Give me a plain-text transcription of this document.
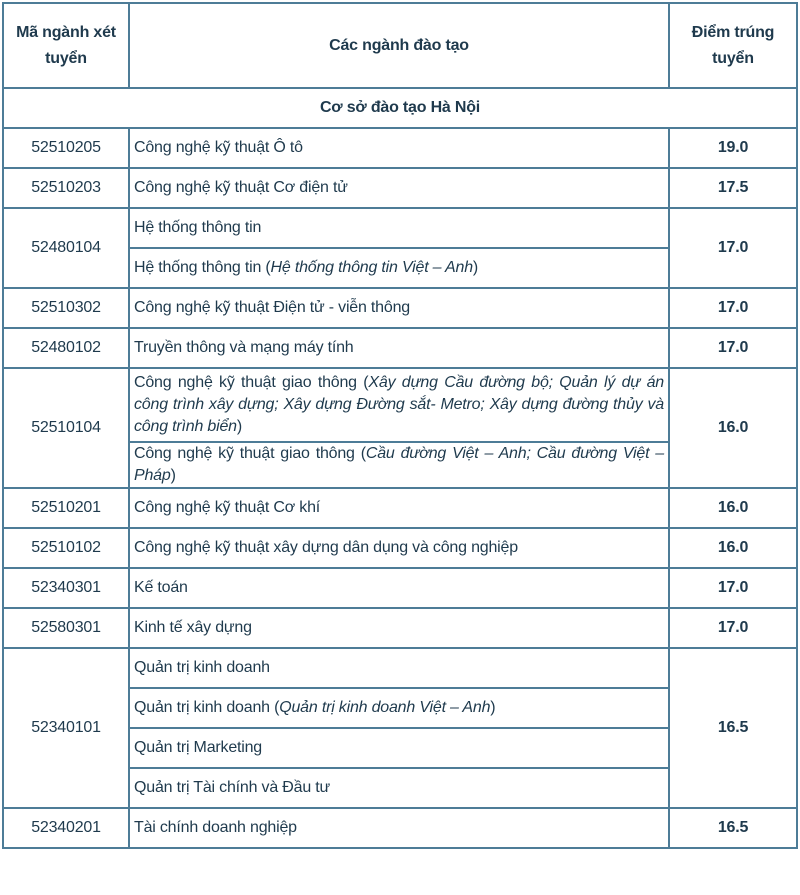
Mã ngành xét tuyển	Các ngành đào tạo	Điểm trúng tuyển
Cơ sở đào tạo Hà Nội		
52510205	Công nghệ kỹ thuật Ô tô	19.0
52510203	Công nghệ kỹ thuật Cơ điện tử	17.5
52480104	Hệ thống thông tin	17.0
	Hệ thống thông tin (Hệ thống thông tin Việt – Anh)	
52510302	Công nghệ kỹ thuật Điện tử - viễn thông	17.0
52480102	Truyền thông và mạng máy tính	17.0
52510104	Công nghệ kỹ thuật giao thông (Xây dựng Cầu đường bộ; Quản lý dự án công trình xây dựng; Xây dựng Đường sắt- Metro; Xây dựng đường thủy và công trình biển)	16.0
	Công nghệ kỹ thuật giao thông (Cầu đường Việt – Anh; Cầu đường Việt – Pháp)	
52510201	Công nghệ kỹ thuật Cơ khí	16.0
52510102	Công nghệ kỹ thuật xây dựng dân dụng và công nghiệp	16.0
52340301	Kế toán	17.0
52580301	Kinh tế xây dựng	17.0
52340101	Quản trị kinh doanh	16.5
	Quản trị kinh doanh (Quản trị kinh doanh Việt – Anh)	
	Quản trị Marketing	
	Quản trị Tài chính và Đầu tư	
52340201	Tài chính doanh nghiệp	16.5
